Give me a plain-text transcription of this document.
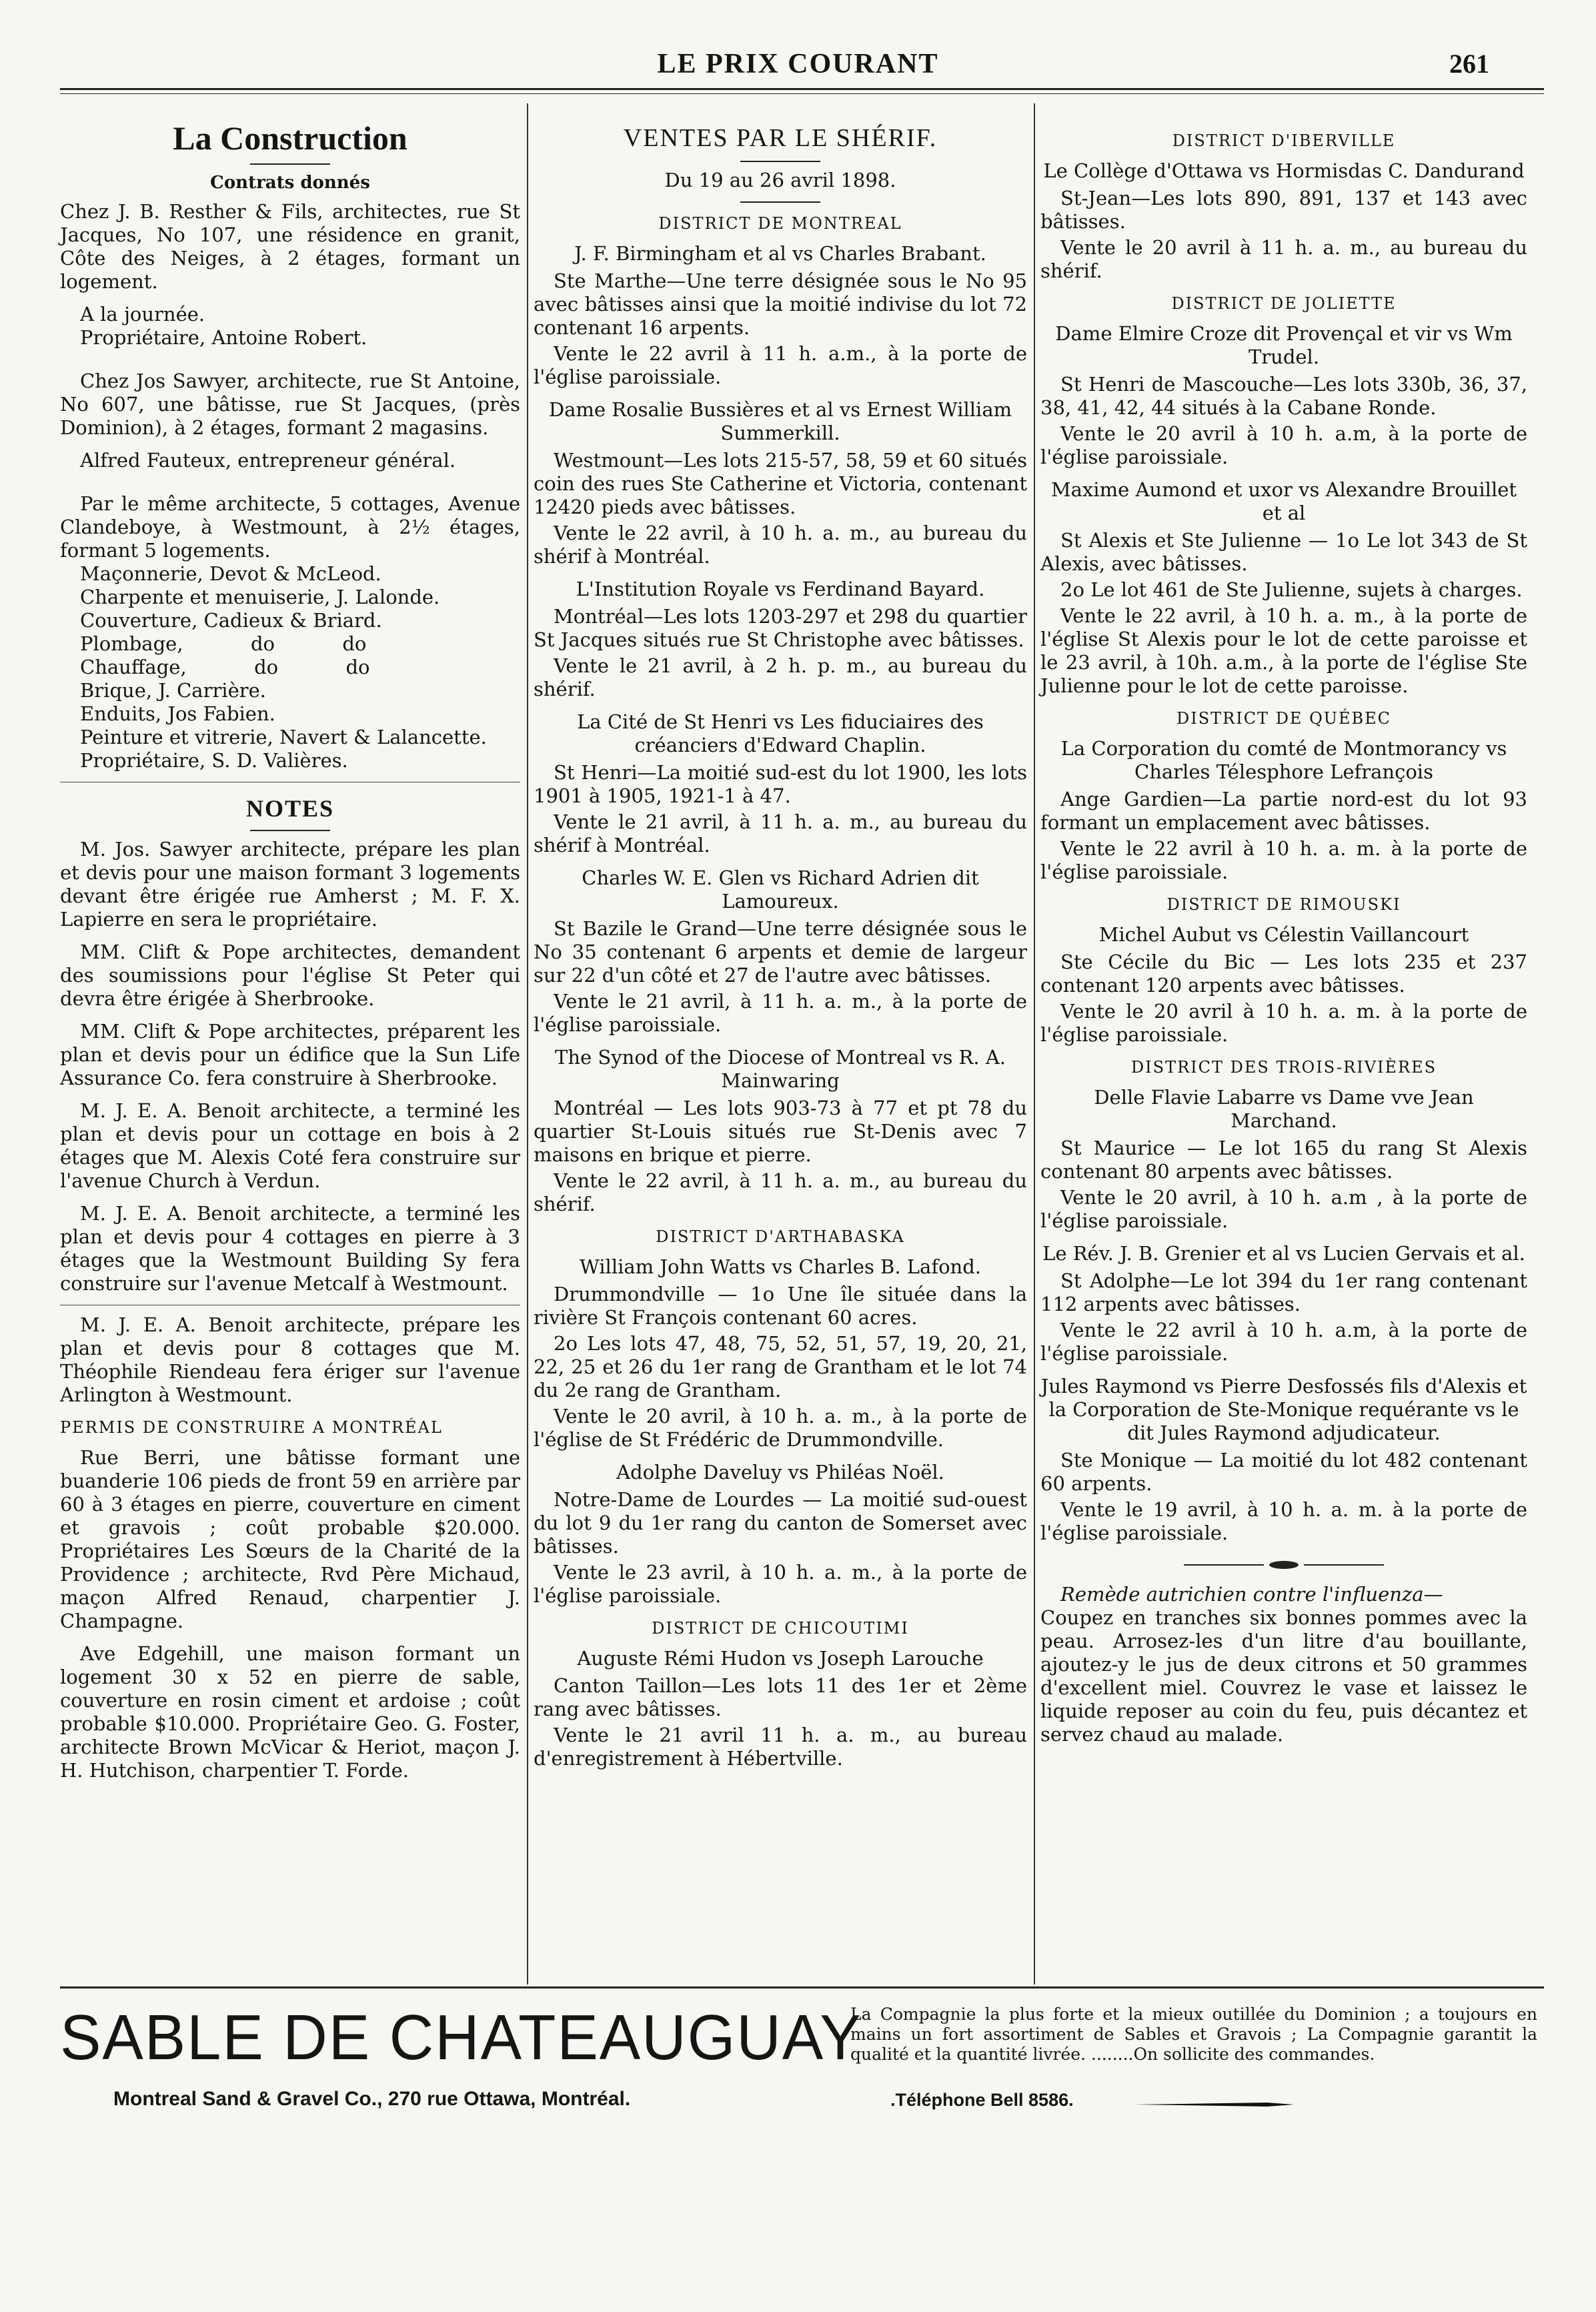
LE PRIX COURANT	261
La Construction
Contrats donnés

Chez J. B. Resther & Fils, architectes, rue St Jacques, No 107, une résidence en granit, Côte des Neiges, à 2 étages, formant un logement.

A la journée.

Propriétaire, Antoine Robert.

Chez Jos Sawyer, architecte, rue St Antoine, No 607, une bâtisse, rue St Jacques, (près Dominion), à 2 étages, formant 2 magasins.

Alfred Fauteux, entrepreneur général.

Par le même architecte, 5 cottages, Avenue Clandeboye, à Westmount, à 2½ étages, formant 5 logements.

Maçonnerie, Devot & McLeod.

Charpente et menuiserie, J. Lalonde.

Couverture, Cadieux & Briard.

Plombage,           do           do

Chauffage,           do           do

Brique, J. Carrière.

Enduits, Jos Fabien.

Peinture et vitrerie, Navert & Lalancette.

Propriétaire, S. D. Valières.

NOTES

M. Jos. Sawyer architecte, prépare les plan et devis pour une maison formant 3 logements devant être érigée rue Amherst ; M. F. X. Lapierre en sera le propriétaire.

MM. Clift & Pope architectes, demandent des soumissions pour l'église St Peter qui devra être érigée à Sherbrooke.

MM. Clift & Pope architectes, préparent les plan et devis pour un édifice que la Sun Life Assurance Co. fera construire à Sherbrooke.

M. J. E. A. Benoit architecte, a terminé les plan et devis pour un cottage en bois à 2 étages que M. Alexis Coté fera construire sur l'avenue Church à Verdun.

M. J. E. A. Benoit architecte, a terminé les plan et devis pour 4 cottages en pierre à 3 étages que la Westmount Building Sy fera construire sur l'avenue Metcalf à Westmount.

M. J. E. A. Benoit architecte, prépare les plan et devis pour 8 cottages que M. Théophile Riendeau fera ériger sur l'avenue Arlington à Westmount.

PERMIS DE CONSTRUIRE A MONTRÉAL

Rue Berri, une bâtisse formant une buanderie 106 pieds de front 59 en arrière par 60 à 3 étages en pierre, couverture en ciment et gravois ; coût probable $20.000. Propriétaires Les Sœurs de la Charité de la Providence ; architecte, Rvd Père Michaud, maçon Alfred Renaud, charpentier J. Champagne.

Ave Edgehill, une maison formant un logement 30 x 52 en pierre de sable, couverture en rosin ciment et ardoise ; coût probable $10.000. Propriétaire Geo. G. Foster, architecte Brown McVicar & Heriot, maçon J. H. Hutchison, charpentier T. Forde.

VENTES PAR LE SHÉRIF.

Du 19 au 26 avril 1898.

DISTRICT DE MONTREAL

J. F. Birmingham et al vs Charles Brabant.

Ste Marthe—Une terre désignée sous le No 95 avec bâtisses ainsi que la moitié indivise du lot 72 contenant 16 arpents.

Vente le 22 avril à 11 h. a.m., à la porte de l'église paroissiale.

Dame Rosalie Bussières et al vs Ernest William Summerkill.

Westmount—Les lots 215-57, 58, 59 et 60 situés coin des rues Ste Catherine et Victoria, contenant 12420 pieds avec bâtisses.

Vente le 22 avril, à 10 h. a. m., au bureau du shérif à Montréal.

L'Institution Royale vs Ferdinand Bayard.

Montréal—Les lots 1203-297 et 298 du quartier St Jacques situés rue St Christophe avec bâtisses.

Vente le 21 avril, à 2 h. p. m., au bureau du shérif.

La Cité de St Henri vs Les fiduciaires des créanciers d'Edward Chaplin.

St Henri—La moitié sud-est du lot 1900, les lots 1901 à 1905, 1921-1 à 47.

Vente le 21 avril, à 11 h. a. m., au bureau du shérif à Montréal.

Charles W. E. Glen vs Richard Adrien dit Lamoureux.

St Bazile le Grand—Une terre désignée sous le No 35 contenant 6 arpents et demie de largeur sur 22 d'un côté et 27 de l'autre avec bâtisses.

Vente le 21 avril, à 11 h. a. m., à la porte de l'église paroissiale.

The Synod of the Diocese of Montreal vs R. A. Mainwaring

Montréal — Les lots 903-73 à 77 et pt 78 du quartier St-Louis situés rue St-Denis avec 7 maisons en brique et pierre.

Vente le 22 avril, à 11 h. a. m., au bureau du shérif.

DISTRICT D'ARTHABASKA

William John Watts vs Charles B. Lafond.

Drummondville — 1o Une île située dans la rivière St François contenant 60 acres.

2o Les lots 47, 48, 75, 52, 51, 57, 19, 20, 21, 22, 25 et 26 du 1er rang de Grantham et le lot 74 du 2e rang de Grantham.

Vente le 20 avril, à 10 h. a. m., à la porte de l'église de St Frédéric de Drummondville.

Adolphe Daveluy vs Philéas Noël.

Notre-Dame de Lourdes — La moitié sud-ouest du lot 9 du 1er rang du canton de Somerset avec bâtisses.

Vente le 23 avril, à 10 h. a. m., à la porte de l'église paroissiale.

DISTRICT DE CHICOUTIMI

Auguste Rémi Hudon vs Joseph Larouche

Canton Taillon—Les lots 11 des 1er et 2ème rang avec bâtisses.

Vente le 21 avril 11 h. a. m., au bureau d'enregistrement à Hébertville.

DISTRICT D'IBERVILLE

Le Collège d'Ottawa vs Hormisdas C. Dandurand

St-Jean—Les lots 890, 891, 137 et 143 avec bâtisses.

Vente le 20 avril à 11 h. a. m., au bureau du shérif.

DISTRICT DE JOLIETTE

Dame Elmire Croze dit Provençal et vir vs Wm Trudel.

St Henri de Mascouche—Les lots 330b, 36, 37, 38, 41, 42, 44 situés à la Cabane Ronde.

Vente le 20 avril à 10 h. a.m, à la porte de l'église paroissiale.

Maxime Aumond et uxor vs Alexandre Brouillet et al

St Alexis et Ste Julienne — 1o Le lot 343 de St Alexis, avec bâtisses.

2o Le lot 461 de Ste Julienne, sujets à charges.

Vente le 22 avril, à 10 h. a. m., à la porte de l'église St Alexis pour le lot de cette paroisse et le 23 avril, à 10h. a.m., à la porte de l'église Ste Julienne pour le lot de cette paroisse.

DISTRICT DE QUÉBEC

La Corporation du comté de Montmorancy vs Charles Télesphore Lefrançois

Ange Gardien—La partie nord-est du lot 93 formant un emplacement avec bâtisses.

Vente le 22 avril à 10 h. a. m. à la porte de l'église paroissiale.

DISTRICT DE RIMOUSKI

Michel Aubut vs Célestin Vaillancourt

Ste Cécile du Bic — Les lots 235 et 237 contenant 120 arpents avec bâtisses.

Vente le 20 avril à 10 h. a. m. à la porte de l'église paroissiale.

DISTRICT DES TROIS-RIVIÈRES

Delle Flavie Labarre vs Dame vve Jean Marchand.

St Maurice — Le lot 165 du rang St Alexis contenant 80 arpents avec bâtisses.

Vente le 20 avril, à 10 h. a.m , à la porte de l'église paroissiale.

Le Rév. J. B. Grenier et al vs Lucien Gervais et al.

St Adolphe—Le lot 394 du 1er rang contenant 112 arpents avec bâtisses.

Vente le 22 avril à 10 h. a.m, à la porte de l'église paroissiale.

Jules Raymond vs Pierre Desfossés fils d'Alexis et la Corporation de Ste-Monique requérante vs le dit Jules Raymond adjudicateur.

Ste Monique — La moitié du lot 482 contenant 60 arpents.

Vente le 19 avril, à 10 h. a. m. à la porte de l'église paroissiale.

Remède autrichien contre l'influenza—

Coupez en tranches six bonnes pommes avec la peau. Arrosez-les d'un litre d'au bouillante, ajoutez-y le jus de deux citrons et 50 grammes d'excellent miel. Couvrez le vase et laissez le liquide reposer au coin du feu, puis décantez et servez chaud au malade.

SABLE DE CHATEAUGUAY
La Compagnie la plus forte et la mieux outillée du Dominion ; a toujours en mains un fort assortiment de Sables et Gravois ; La Compagnie garantit la qualité et la quantité livrée. ........On sollicite des commandes.
Montreal Sand & Gravel Co., 270 rue Ottawa, Montréal.	.Téléphone Bell 8586.
